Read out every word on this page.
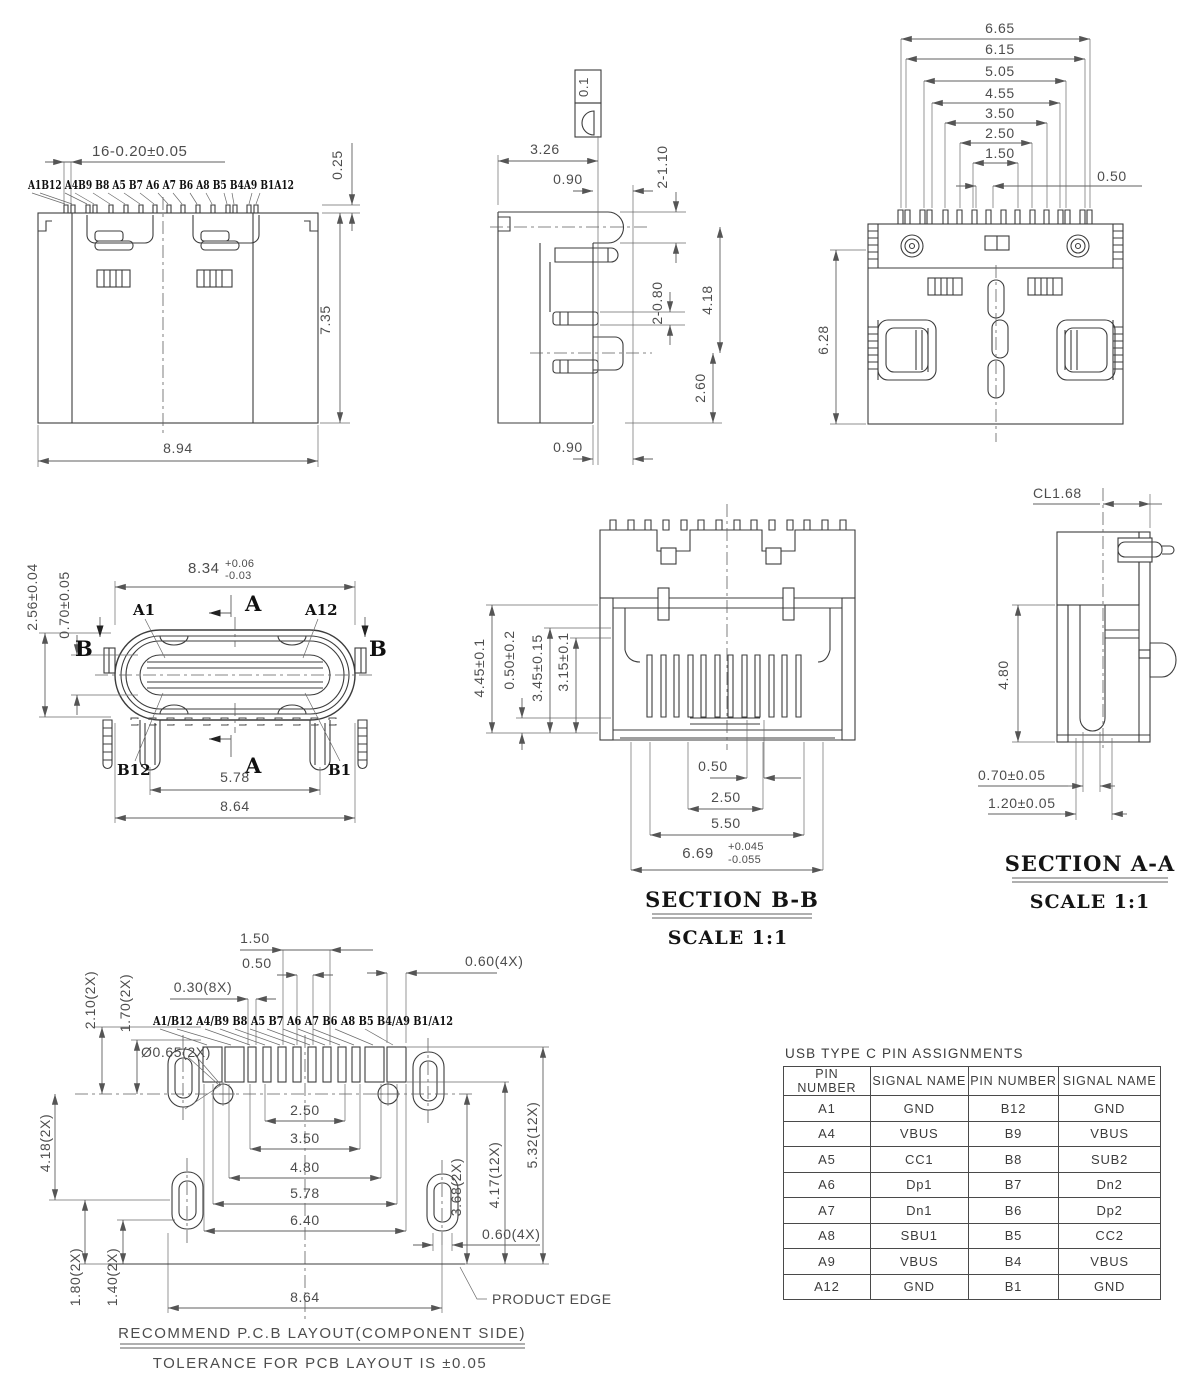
16-0.20±0.05
A1B12 A4B9 B8 A5 B7 A6 A7 B6 A8 B5 B4A9 B1A12
0.25
7.35
8.94
0.1
3.26
0.90	2-1.10
2-0.80 4.18
2.60
0.90
6.65
6.15
5.05
4.55
3.50
2.50
1.50
0.50
6.28
8.34 +0.06
-0.03
2.56±0.04 0.70±0.05	A
A
B	B
A1	A12
B12	B1
5.78
8.64
4.45±0.1 0.50±0.2 3.45±0.15 3.15±0.1
0.50
2.50
5.50
6.69 +0.045
-0.055
SECTION B-B
SCALE 1:1
CL1.68
4.80
0.70±0.05
1.20±0.05
SECTION A-A
SCALE 1:1
1.50
0.50
0.30(8X)
0.60(4X)
2.10(2X) 1.70(2X) A1/B12 A4/B9 B8 A5 B7 A6 A7 B6 A8 B5 B4/A9 B1/A12
Ø0.65(2X)
2.50
3.50
4.80
5.78
6.40
0.60(4X)
8.64
4.18(2X)
1.80(2X) 1.40(2X)
3.68(2X) 4.17(12X)
5.32(12X)
PRODUCT EDGE
RECOMMEND P.C.B LAYOUT(COMPONENT SIDE)
TOLERANCE FOR PCB LAYOUT IS ±0.05
USB TYPE C PIN ASSIGNMENTS
PIN NUMBER	SIGNAL NAME	PIN NUMBER	SIGNAL NAME
A1	GND	B12	GND
A4	VBUS	B9	VBUS
A5	CC1	B8	SUB2
A6	Dp1	B7	Dn2
A7	Dn1	B6	Dp2
A8	SBU1	B5	CC2
A9	VBUS	B4	VBUS
A12	GND	B1	GND
